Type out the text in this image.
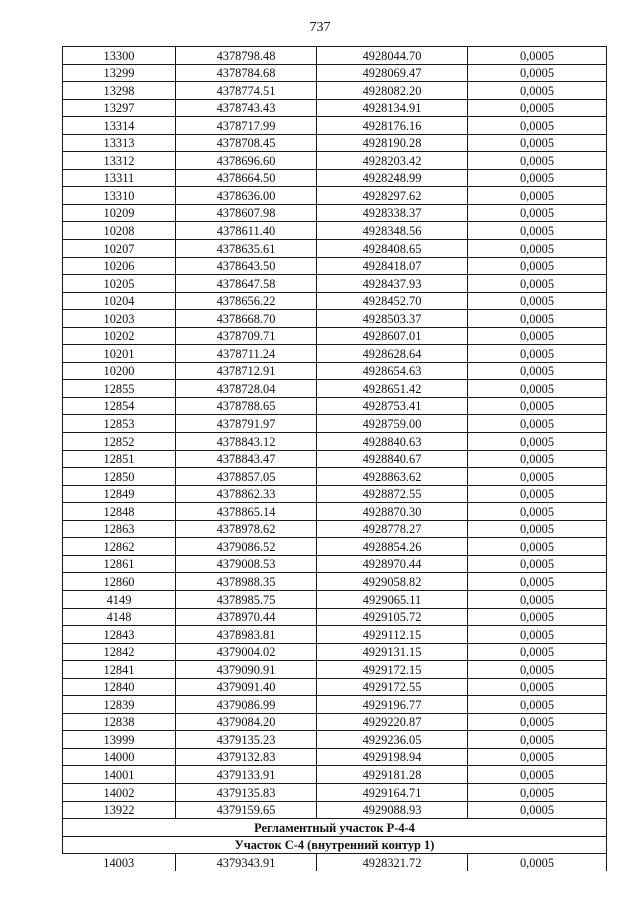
737
13300	4378798.48	4928044.70	0,0005
13299	4378784.68	4928069.47	0,0005
13298	4378774.51	4928082.20	0,0005
13297	4378743.43	4928134.91	0,0005
13314	4378717.99	4928176.16	0,0005
13313	4378708.45	4928190.28	0,0005
13312	4378696.60	4928203.42	0,0005
13311	4378664.50	4928248.99	0,0005
13310	4378636.00	4928297.62	0,0005
10209	4378607.98	4928338.37	0,0005
10208	4378611.40	4928348.56	0,0005
10207	4378635.61	4928408.65	0,0005
10206	4378643.50	4928418.07	0,0005
10205	4378647.58	4928437.93	0,0005
10204	4378656.22	4928452.70	0,0005
10203	4378668.70	4928503.37	0,0005
10202	4378709.71	4928607.01	0,0005
10201	4378711.24	4928628.64	0,0005
10200	4378712.91	4928654.63	0,0005
12855	4378728.04	4928651.42	0,0005
12854	4378788.65	4928753.41	0,0005
12853	4378791.97	4928759.00	0,0005
12852	4378843.12	4928840.63	0,0005
12851	4378843.47	4928840.67	0,0005
12850	4378857.05	4928863.62	0,0005
12849	4378862.33	4928872.55	0,0005
12848	4378865.14	4928870.30	0,0005
12863	4378978.62	4928778.27	0,0005
12862	4379086.52	4928854.26	0,0005
12861	4379008.53	4928970.44	0,0005
12860	4378988.35	4929058.82	0,0005
4149	4378985.75	4929065.11	0,0005
4148	4378970.44	4929105.72	0,0005
12843	4378983.81	4929112.15	0,0005
12842	4379004.02	4929131.15	0,0005
12841	4379090.91	4929172.15	0,0005
12840	4379091.40	4929172.55	0,0005
12839	4379086.99	4929196.77	0,0005
12838	4379084.20	4929220.87	0,0005
13999	4379135.23	4929236.05	0,0005
14000	4379132.83	4929198.94	0,0005
14001	4379133.91	4929181.28	0,0005
14002	4379135.83	4929164.71	0,0005
13922	4379159.65	4929088.93	0,0005
Регламентный участок Р-4-4			
Участок С-4 (внутренний контур 1)			
14003	4379343.91	4928321.72	0,0005
